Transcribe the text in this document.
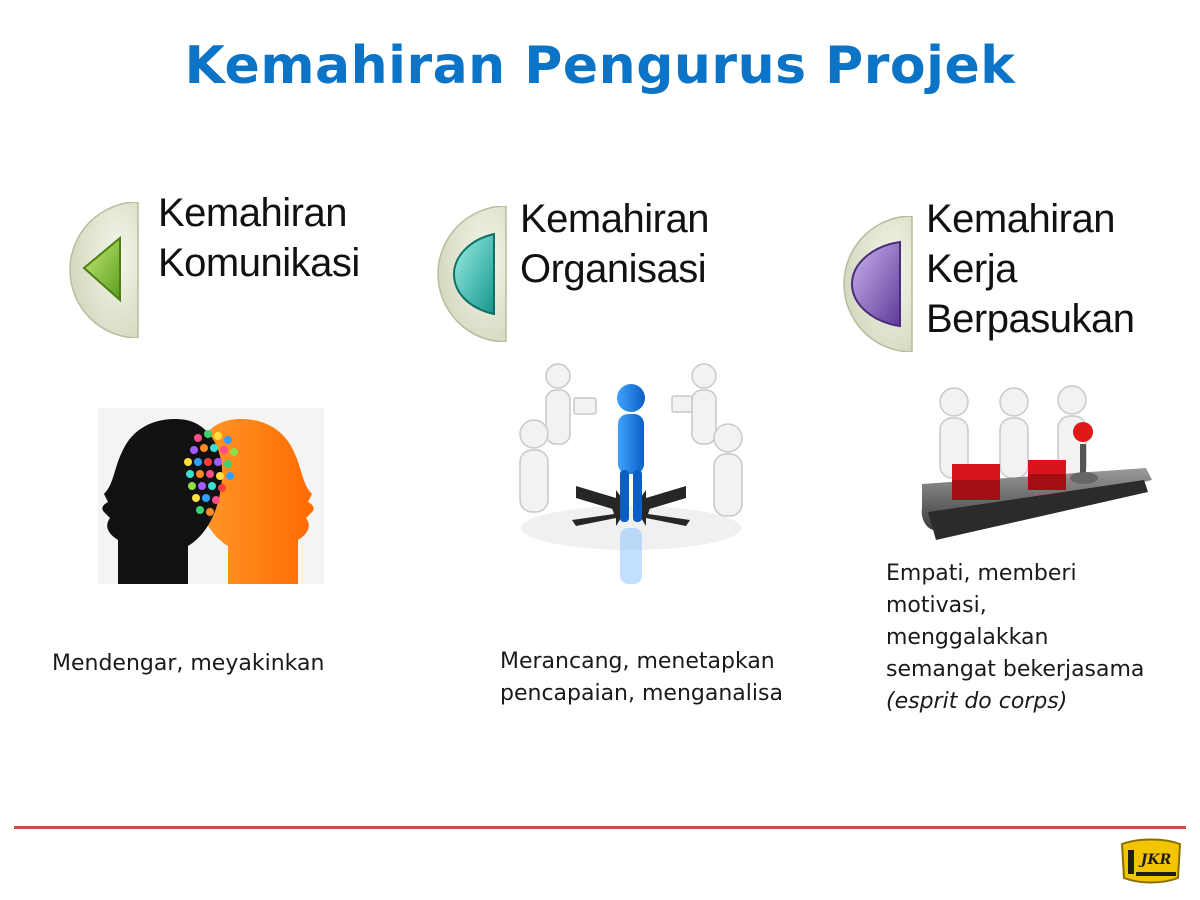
Kemahiran Pengurus Projek
Kemahiran
Komunikasi
Mendengar, meyakinkan
Kemahiran
Organisasi
Merancang, menetapkan
pencapaian, menganalisa
Kemahiran
Kerja
Berpasukan
Empati, memberi
motivasi,
menggalakkan
semangat bekerjasama
(esprit do corps)
JKR
